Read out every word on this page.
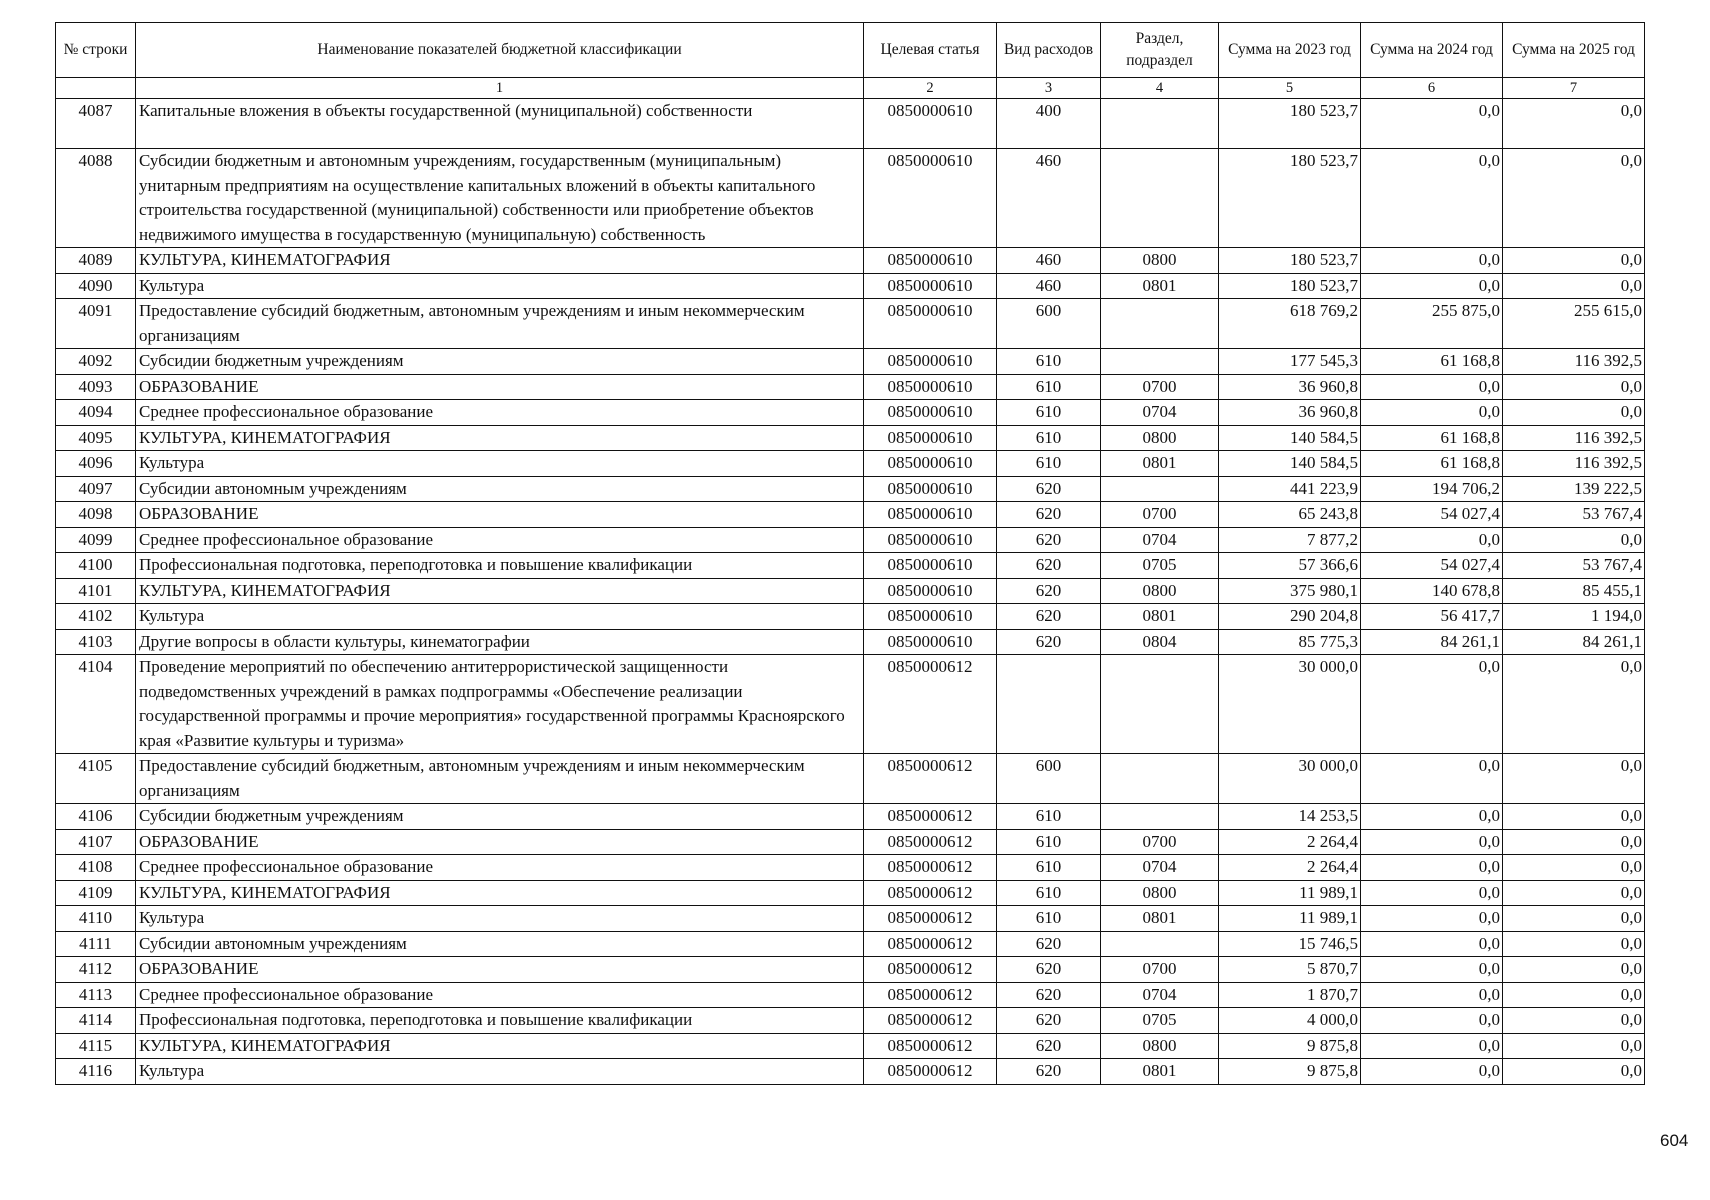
№ строки	Наименование показателей бюджетной классификации	Целевая статья	Вид расходов	Раздел, подраздел	Сумма на 2023 год	Сумма на 2024 год	Сумма на 2025 год
	1	2	3	4	5	6	7
4087	Капитальные вложения в объекты государственной (муниципальной) собственности	0850000610	400		180 523,7	0,0	0,0
4088	Субсидии бюджетным и автономным учреждениям, государственным (муниципальным) унитарным предприятиям на осуществление капитальных вложений в объекты капитального строительства государственной (муниципальной) собственности или приобретение объектов недвижимого имущества в государственную (муниципальную) собственность	0850000610	460		180 523,7	0,0	0,0
4089	КУЛЬТУРА, КИНЕМАТОГРАФИЯ	0850000610	460	0800	180 523,7	0,0	0,0
4090	Культура	0850000610	460	0801	180 523,7	0,0	0,0
4091	Предоставление субсидий бюджетным, автономным учреждениям и иным некоммерческим организациям	0850000610	600		618 769,2	255 875,0	255 615,0
4092	Субсидии бюджетным учреждениям	0850000610	610		177 545,3	61 168,8	116 392,5
4093	ОБРАЗОВАНИЕ	0850000610	610	0700	36 960,8	0,0	0,0
4094	Среднее профессиональное образование	0850000610	610	0704	36 960,8	0,0	0,0
4095	КУЛЬТУРА, КИНЕМАТОГРАФИЯ	0850000610	610	0800	140 584,5	61 168,8	116 392,5
4096	Культура	0850000610	610	0801	140 584,5	61 168,8	116 392,5
4097	Субсидии автономным учреждениям	0850000610	620		441 223,9	194 706,2	139 222,5
4098	ОБРАЗОВАНИЕ	0850000610	620	0700	65 243,8	54 027,4	53 767,4
4099	Среднее профессиональное образование	0850000610	620	0704	7 877,2	0,0	0,0
4100	Профессиональная подготовка, переподготовка и повышение квалификации	0850000610	620	0705	57 366,6	54 027,4	53 767,4
4101	КУЛЬТУРА, КИНЕМАТОГРАФИЯ	0850000610	620	0800	375 980,1	140 678,8	85 455,1
4102	Культура	0850000610	620	0801	290 204,8	56 417,7	1 194,0
4103	Другие вопросы в области культуры, кинематографии	0850000610	620	0804	85 775,3	84 261,1	84 261,1
4104	Проведение мероприятий по обеспечению антитеррористической защищенности подведомственных учреждений в рамках подпрограммы «Обеспечение реализации государственной программы и прочие мероприятия» государственной программы Красноярского края «Развитие культуры и туризма»	0850000612			30 000,0	0,0	0,0
4105	Предоставление субсидий бюджетным, автономным учреждениям и иным некоммерческим организациям	0850000612	600		30 000,0	0,0	0,0
4106	Субсидии бюджетным учреждениям	0850000612	610		14 253,5	0,0	0,0
4107	ОБРАЗОВАНИЕ	0850000612	610	0700	2 264,4	0,0	0,0
4108	Среднее профессиональное образование	0850000612	610	0704	2 264,4	0,0	0,0
4109	КУЛЬТУРА, КИНЕМАТОГРАФИЯ	0850000612	610	0800	11 989,1	0,0	0,0
4110	Культура	0850000612	610	0801	11 989,1	0,0	0,0
4111	Субсидии автономным учреждениям	0850000612	620		15 746,5	0,0	0,0
4112	ОБРАЗОВАНИЕ	0850000612	620	0700	5 870,7	0,0	0,0
4113	Среднее профессиональное образование	0850000612	620	0704	1 870,7	0,0	0,0
4114	Профессиональная подготовка, переподготовка и повышение квалификации	0850000612	620	0705	4 000,0	0,0	0,0
4115	КУЛЬТУРА, КИНЕМАТОГРАФИЯ	0850000612	620	0800	9 875,8	0,0	0,0
4116	Культура	0850000612	620	0801	9 875,8	0,0	0,0
604
